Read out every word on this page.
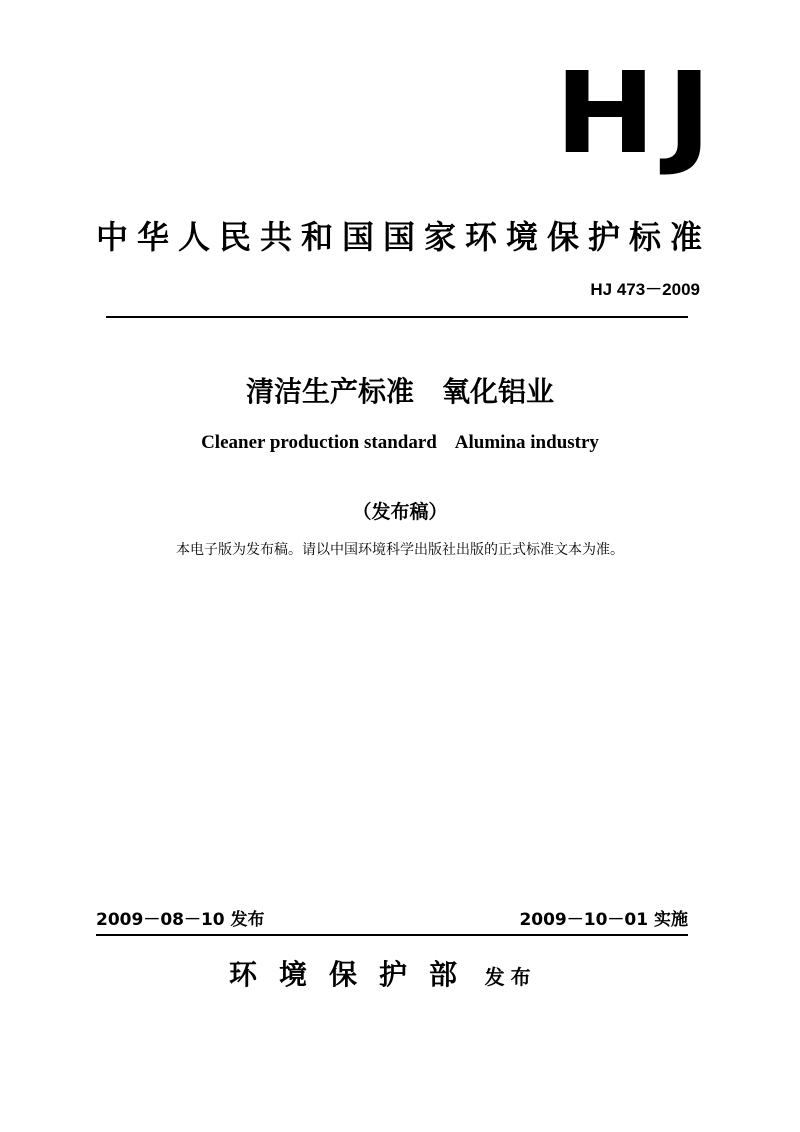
HJ
中华人民共和国国家环境保护标准
HJ 473－2009
清洁生产标准　氧化铝业
Cleaner production standard    Alumina industry
（发布稿）
本电子版为发布稿。请以中国环境科学出版社出版的正式标准文本为准。
2009－08－10 发布	2009－10－01 实施
环境保护部 发布
